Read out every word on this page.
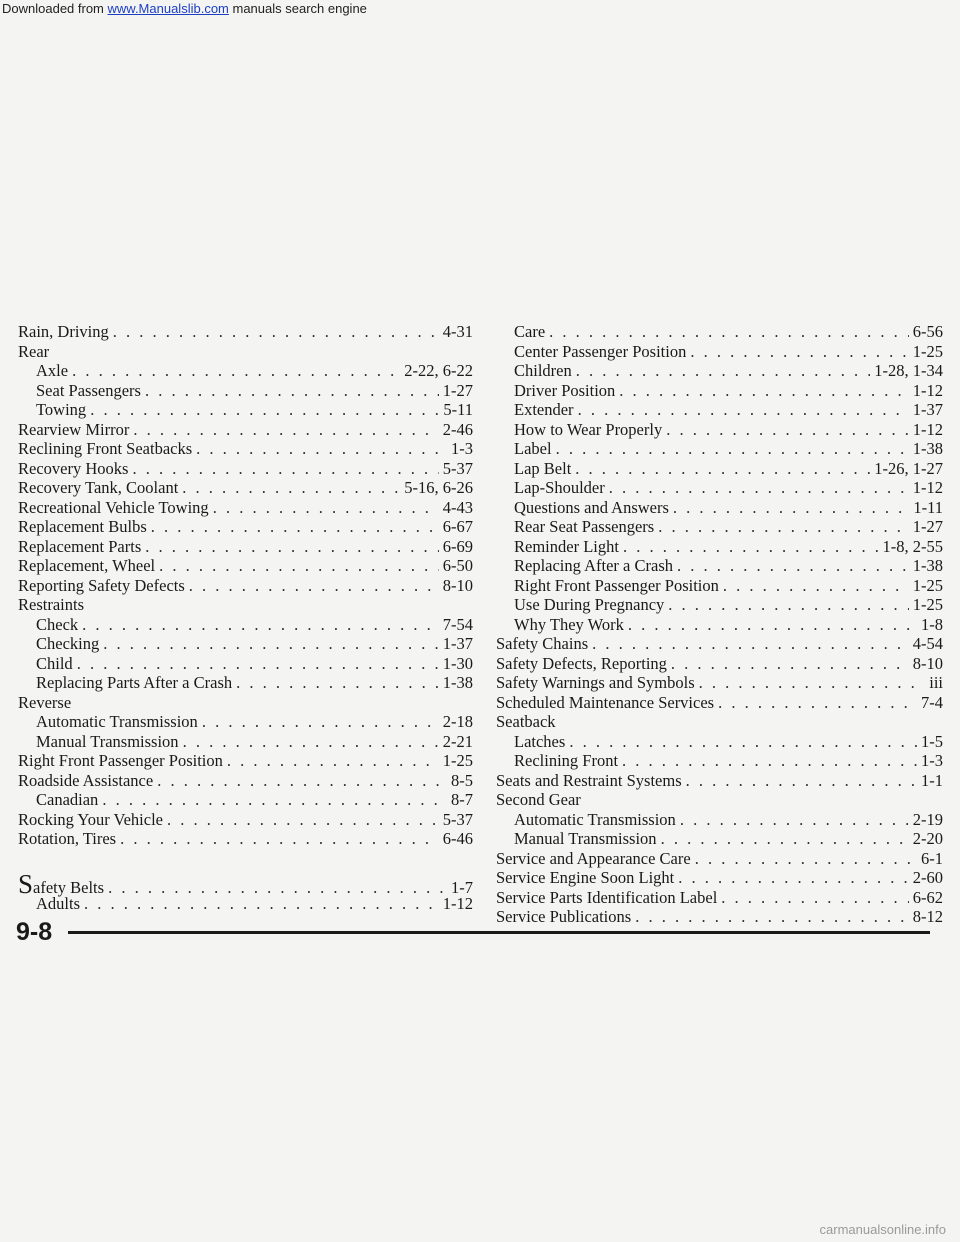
Downloaded from www.Manualslib.com manuals search engine
Rain, Driving . . .	4-31
Rear
Axle . . .	2-22, 6-22
Seat Passengers . . .	1-27
Towing . . .	5-11
Rearview Mirror . . .	2-46
Reclining Front Seatbacks . . .	1-3
Recovery Hooks . . .	5-37
Recovery Tank, Coolant . . .	5-16, 6-26
Recreational Vehicle Towing . . .	4-43
Replacement Bulbs . . .	6-67
Replacement Parts . . .	6-69
Replacement, Wheel . . .	6-50
Reporting Safety Defects . . .	8-10
Restraints
Check . . .	7-54
Checking . . .	1-37
Child . . .	1-30
Replacing Parts After a Crash . . .	1-38
Reverse
Automatic Transmission . . .	2-18
Manual Transmission . . .	2-21
Right Front Passenger Position . . .	1-25
Roadside Assistance . . .	8-5
Canadian . . .	8-7
Rocking Your Vehicle . . .	5-37
Rotation, Tires . . .	6-46
Safety Belts . . .	1-7
Adults . . .	1-12
Care . . .	6-56
Center Passenger Position . . .	1-25
Children . . .	1-28, 1-34
Driver Position . . .	1-12
Extender . . .	1-37
How to Wear Properly . . .	1-12
Label . . .	1-38
Lap Belt . . .	1-26, 1-27
Lap-Shoulder . . .	1-12
Questions and Answers . . .	1-11
Rear Seat Passengers . . .	1-27
Reminder Light . . .	1-8, 2-55
Replacing After a Crash . . .	1-38
Right Front Passenger Position . . .	1-25
Use During Pregnancy . . .	1-25
Why They Work . . .	1-8
Safety Chains . . .	4-54
Safety Defects, Reporting . . .	8-10
Safety Warnings and Symbols . . .	iii
Scheduled Maintenance Services . . .	7-4
Seatback
Latches . . .	1-5
Reclining Front . . .	1-3
Seats and Restraint Systems . . .	1-1
Second Gear
Automatic Transmission . . .	2-19
Manual Transmission . . .	2-20
Service and Appearance Care . . .	6-1
Service Engine Soon Light . . .	2-60
Service Parts Identification Label . . .	6-62
Service Publications . . .	8-12
9-8
carmanualsonline.info
